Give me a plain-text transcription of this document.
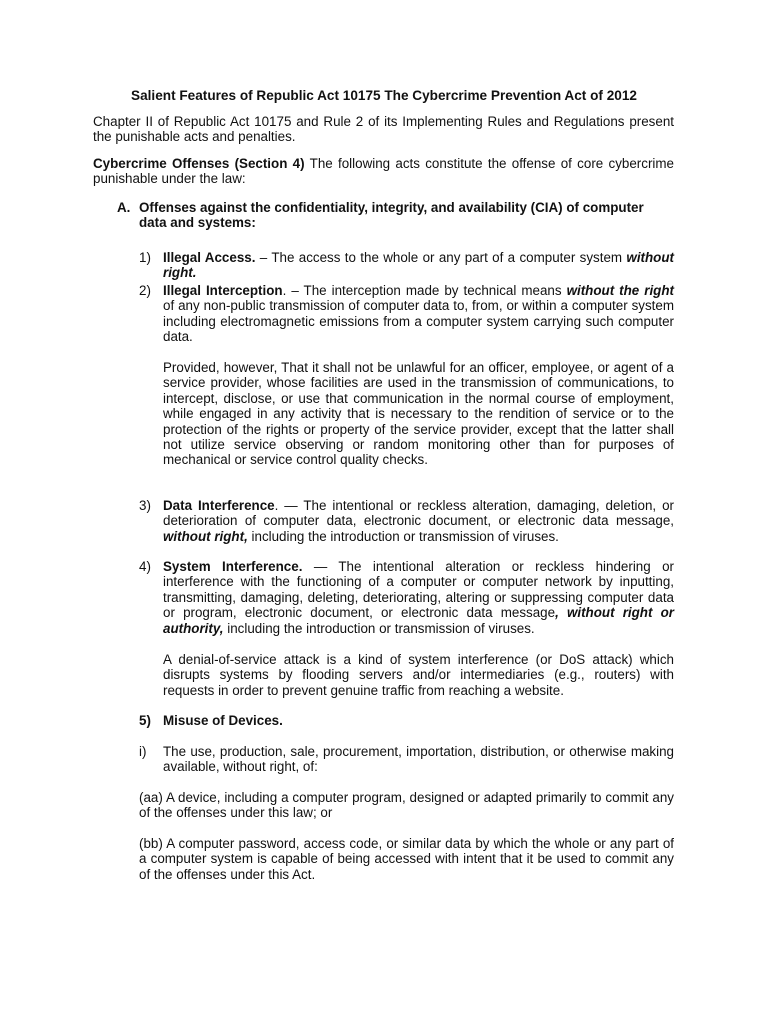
Salient Features of Republic Act 10175 The Cybercrime Prevention Act of 2012
Chapter II of Republic Act 10175 and Rule 2 of its Implementing Rules and Regulations present the punishable acts and penalties.
Cybercrime Offenses (Section 4) The following acts constitute the offense of core cybercrime punishable under the law:
A. Offenses against the confidentiality, integrity, and availability (CIA) of computer data and systems:
1) Illegal Access. – The access to the whole or any part of a computer system without right.
2) Illegal Interception. – The interception made by technical means without the right of any non-public transmission of computer data to, from, or within a computer system including electromagnetic emissions from a computer system carrying such computer data.
Provided, however, That it shall not be unlawful for an officer, employee, or agent of a service provider, whose facilities are used in the transmission of communications, to intercept, disclose, or use that communication in the normal course of employment, while engaged in any activity that is necessary to the rendition of service or to the protection of the rights or property of the service provider, except that the latter shall not utilize service observing or random monitoring other than for purposes of mechanical or service control quality checks.
3) Data Interference. — The intentional or reckless alteration, damaging, deletion, or deterioration of computer data, electronic document, or electronic data message, without right, including the introduction or transmission of viruses.
4) System Interference. — The intentional alteration or reckless hindering or interference with the functioning of a computer or computer network by inputting, transmitting, damaging, deleting, deteriorating, altering or suppressing computer data or program, electronic document, or electronic data message, without right or authority, including the introduction or transmission of viruses.
A denial-of-service attack is a kind of system interference (or DoS attack) which disrupts systems by flooding servers and/or intermediaries (e.g., routers) with requests in order to prevent genuine traffic from reaching a website.
5) Misuse of Devices.
i) The use, production, sale, procurement, importation, distribution, or otherwise making available, without right, of:
(aa) A device, including a computer program, designed or adapted primarily to commit any of the offenses under this law; or
(bb) A computer password, access code, or similar data by which the whole or any part of a computer system is capable of being accessed with intent that it be used to commit any of the offenses under this Act.
